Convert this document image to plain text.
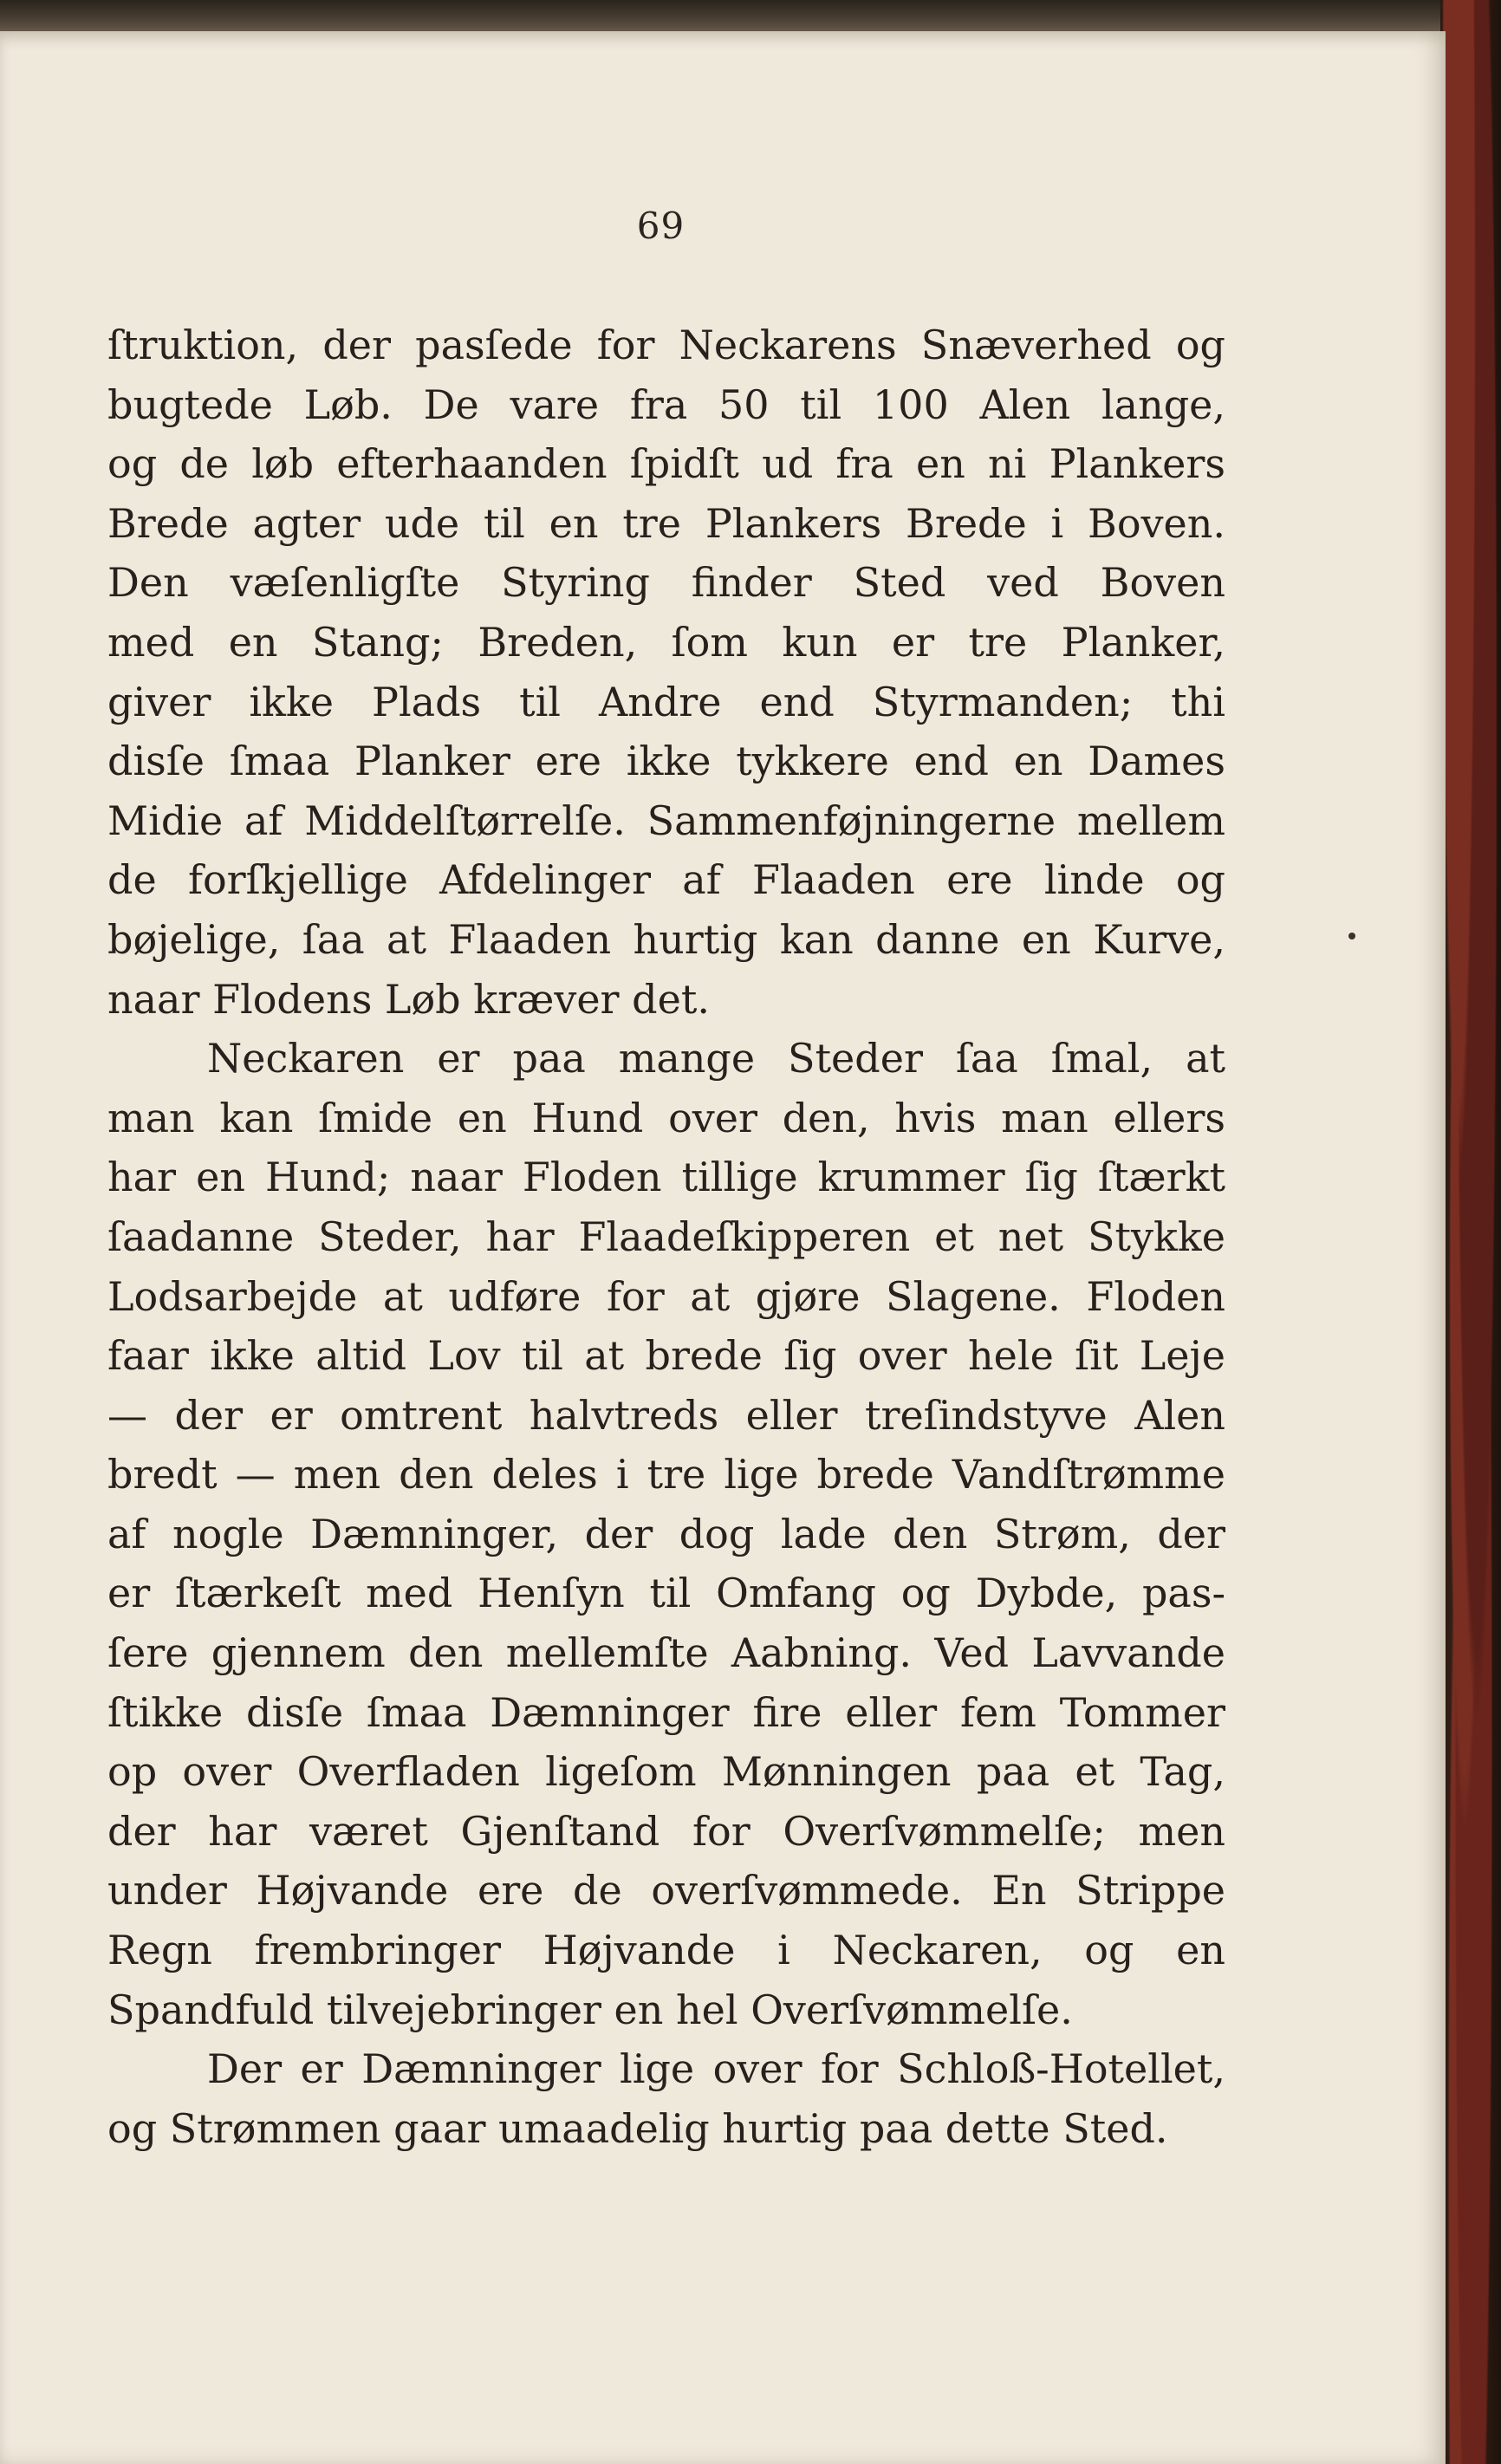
69
ſtruktion, der pasſede for Neckarens Snæverhed og
bugtede Løb. De vare fra 50 til 100 Alen lange,
og de løb efterhaanden ſpidſt ud fra en ni Plankers
Brede agter ude til en tre Plankers Brede i Boven.
Den væſenligſte Styring finder Sted ved Boven
med en Stang; Breden, ſom kun er tre Planker,
giver ikke Plads til Andre end Styrmanden; thi
disſe ſmaa Planker ere ikke tykkere end en Dames
Midie af Middelſtørrelſe. Sammenføjningerne mellem
de forſkjellige Afdelinger af Flaaden ere linde og
bøjelige, ſaa at Flaaden hurtig kan danne en Kurve,
naar Flodens Løb kræver det.
Neckaren er paa mange Steder ſaa ſmal, at
man kan ſmide en Hund over den, hvis man ellers
har en Hund; naar Floden tillige krummer ſig ſtærkt
ſaadanne Steder, har Flaadeſkipperen et net Stykke
Lodsarbejde at udføre for at gjøre Slagene. Floden
faar ikke altid Lov til at brede ſig over hele ſit Leje
— der er omtrent halvtreds eller treſindstyve Alen
bredt — men den deles i tre lige brede Vandſtrømme
af nogle Dæmninger, der dog lade den Strøm, der
er ſtærkeſt med Henſyn til Omfang og Dybde, pas-
ſere gjennem den mellemſte Aabning. Ved Lavvande
ſtikke disſe ſmaa Dæmninger fire eller fem Tommer
op over Overfladen ligeſom Mønningen paa et Tag,
der har været Gjenſtand for Overſvømmelſe; men
under Højvande ere de overſvømmede. En Strippe
Regn frembringer Højvande i Neckaren, og en
Spandfuld tilvejebringer en hel Overſvømmelſe.
Der er Dæmninger lige over for Schloß-Hotellet,
og Strømmen gaar umaadelig hurtig paa dette Sted.
